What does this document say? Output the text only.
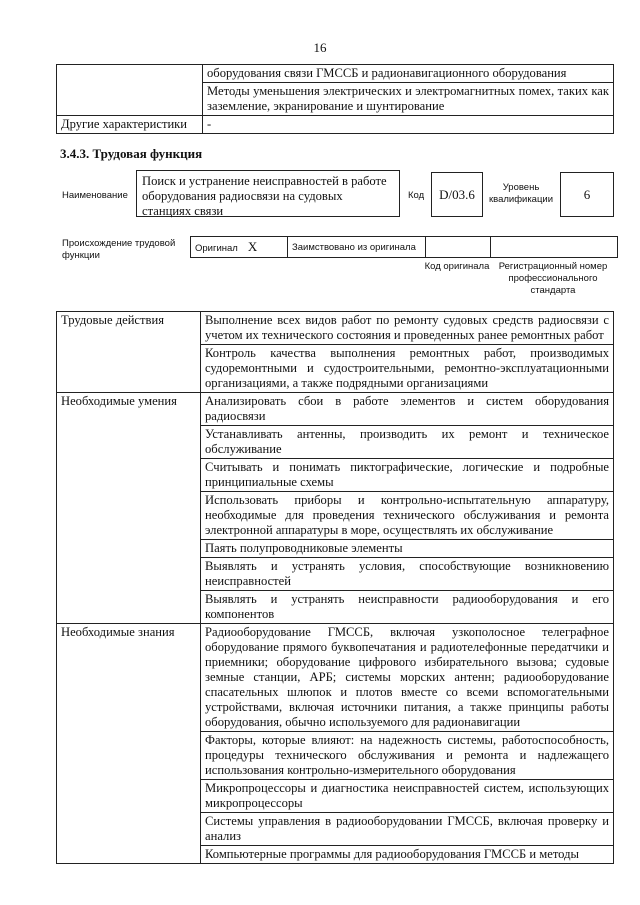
16
	оборудования связи ГМССБ и радионавигационного оборудования
	Методы уменьшения электрических и электромагнитных помех, таких как заземление, экранирование и шунтирование
Другие характеристики	-
3.4.3. Трудовая функция
Наименование
Поиск и устранение неисправностей в работе оборудования радиосвязи на судовых станциях связи
Код	D/03.6	Уровень квалификации	6
Происхождение трудовой функции
Оригинал X	Заимствовано из оригинала		
Код оригинала Регистрационный номер профессионального стандарта
Трудовые действия	Выполнение всех видов работ по ремонту судовых средств радиосвязи с учетом их технического состояния и проведенных ранее ремонтных работ
	Контроль качества выполнения ремонтных работ, производимых судоремонтными и судостроительными, ремонтно-эксплуатационными организациями, а также подрядными организациями
Необходимые умения	Анализировать сбои в работе элементов и систем оборудования радиосвязи
	Устанавливать антенны, производить их ремонт и техническое обслуживание
	Считывать и понимать пиктографические, логические и подробные принципиальные схемы
	Использовать приборы и контрольно-испытательную аппаратуру, необходимые для проведения технического обслуживания и ремонта электронной аппаратуры в море, осуществлять их обслуживание
	Паять полупроводниковые элементы
	Выявлять и устранять условия, способствующие возникновению неисправностей
	Выявлять и устранять неисправности радиооборудования и его компонентов
Необходимые знания	Радиооборудование ГМССБ, включая узкополосное телеграфное оборудование прямого буквопечатания и радиотелефонные передатчики и приемники; оборудование цифрового избирательного вызова; судовые земные станции, АРБ; системы морских антенн; радиооборудование спасательных шлюпок и плотов вместе со всеми вспомогательными устройствами, включая источники питания, а также принципы работы оборудования, обычно используемого для радионавигации
	Факторы, которые влияют: на надежность системы, работоспособность, процедуры технического обслуживания и ремонта и надлежащего использования контрольно-измерительного оборудования
	Микропроцессоры и диагностика неисправностей систем, использующих микропроцессоры
	Системы управления в радиооборудовании ГМССБ, включая проверку и анализ
	Компьютерные программы для радиооборудования ГМССБ и методы
